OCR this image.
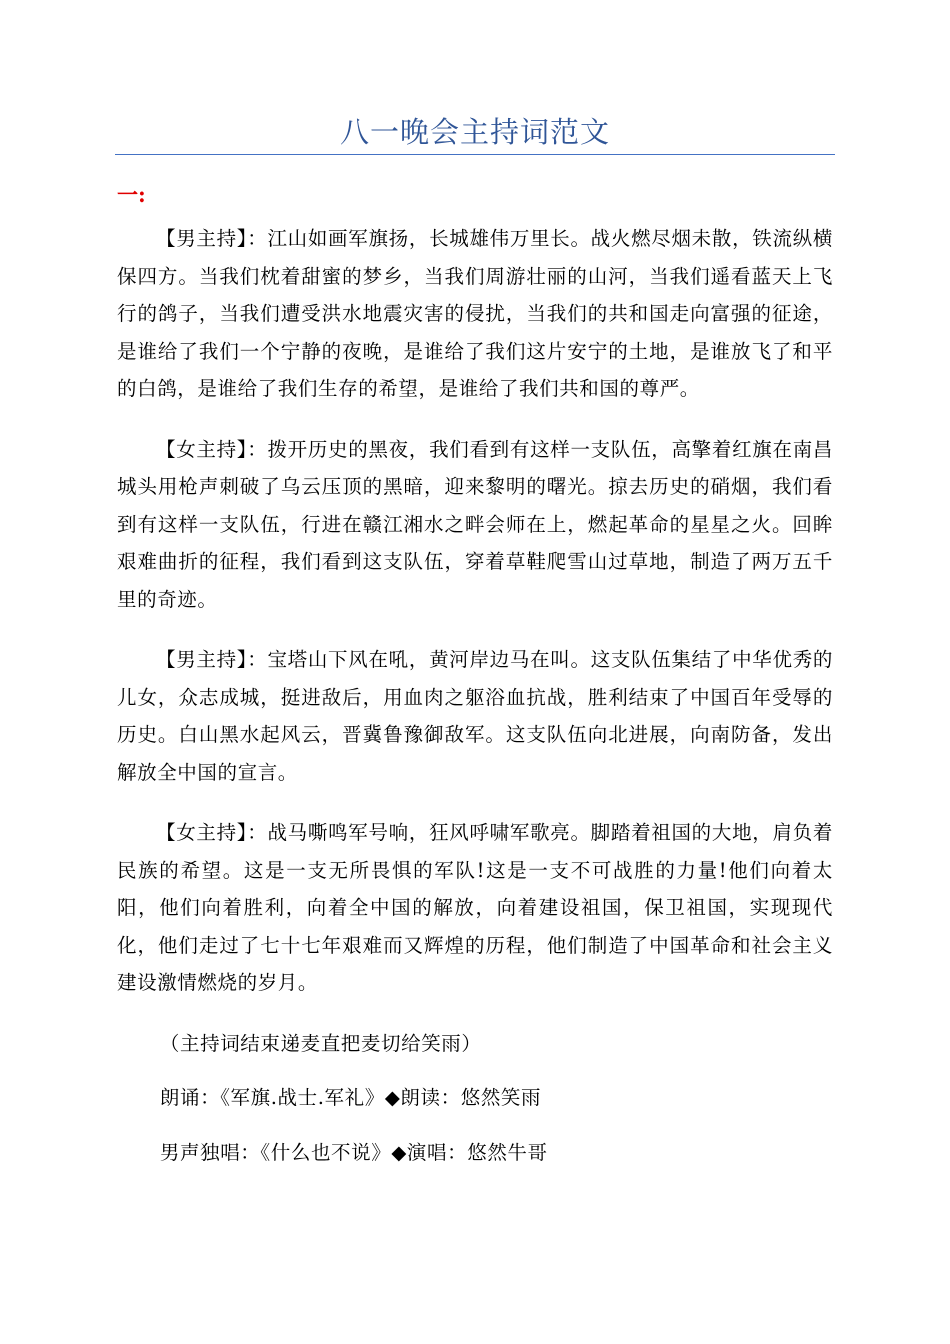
八一晚会主持词范文
一:

【男主持】：江山如画军旗扬，长城雄伟万里长。战火燃尽烟未散，铁流纵横保四方。当我们枕着甜蜜的梦乡，当我们周游壮丽的山河，当我们遥看蓝天上飞行的鸽子，当我们遭受洪水地震灾害的侵扰，当我们的共和国走向富强的征途，是谁给了我们一个宁静的夜晚，是谁给了我们这片安宁的土地，是谁放飞了和平的白鸽，是谁给了我们生存的希望，是谁给了我们共和国的尊严。

【女主持】：拨开历史的黑夜，我们看到有这样一支队伍，高擎着红旗在南昌城头用枪声刺破了乌云压顶的黑暗，迎来黎明的曙光。掠去历史的硝烟，我们看到有这样一支队伍，行进在赣江湘水之畔会师在上，燃起革命的星星之火。回眸艰难曲折的征程，我们看到这支队伍，穿着草鞋爬雪山过草地，制造了两万五千里的奇迹。

【男主持】：宝塔山下风在吼，黄河岸边马在叫。这支队伍集结了中华优秀的儿女，众志成城，挺进敌后，用血肉之躯浴血抗战，胜利结束了中国百年受辱的历史。白山黑水起风云，晋冀鲁豫御敌军。这支队伍向北进展，向南防备，发出解放全中国的宣言。

【女主持】：战马嘶鸣军号响，狂风呼啸军歌亮。脚踏着祖国的大地，肩负着民族的希望。这是一支无所畏惧的军队!这是一支不可战胜的力量!他们向着太阳，他们向着胜利，向着全中国的解放，向着建设祖国，保卫祖国，实现现代化，他们走过了七十七年艰难而又辉煌的历程，他们制造了中国革命和社会主义建设激情燃烧的岁月。

（主持词结束递麦直把麦切给笑雨）

朗诵：《军旗.战士.军礼》◆朗读：悠然笑雨

男声独唱：《什么也不说》◆演唱：悠然牛哥
